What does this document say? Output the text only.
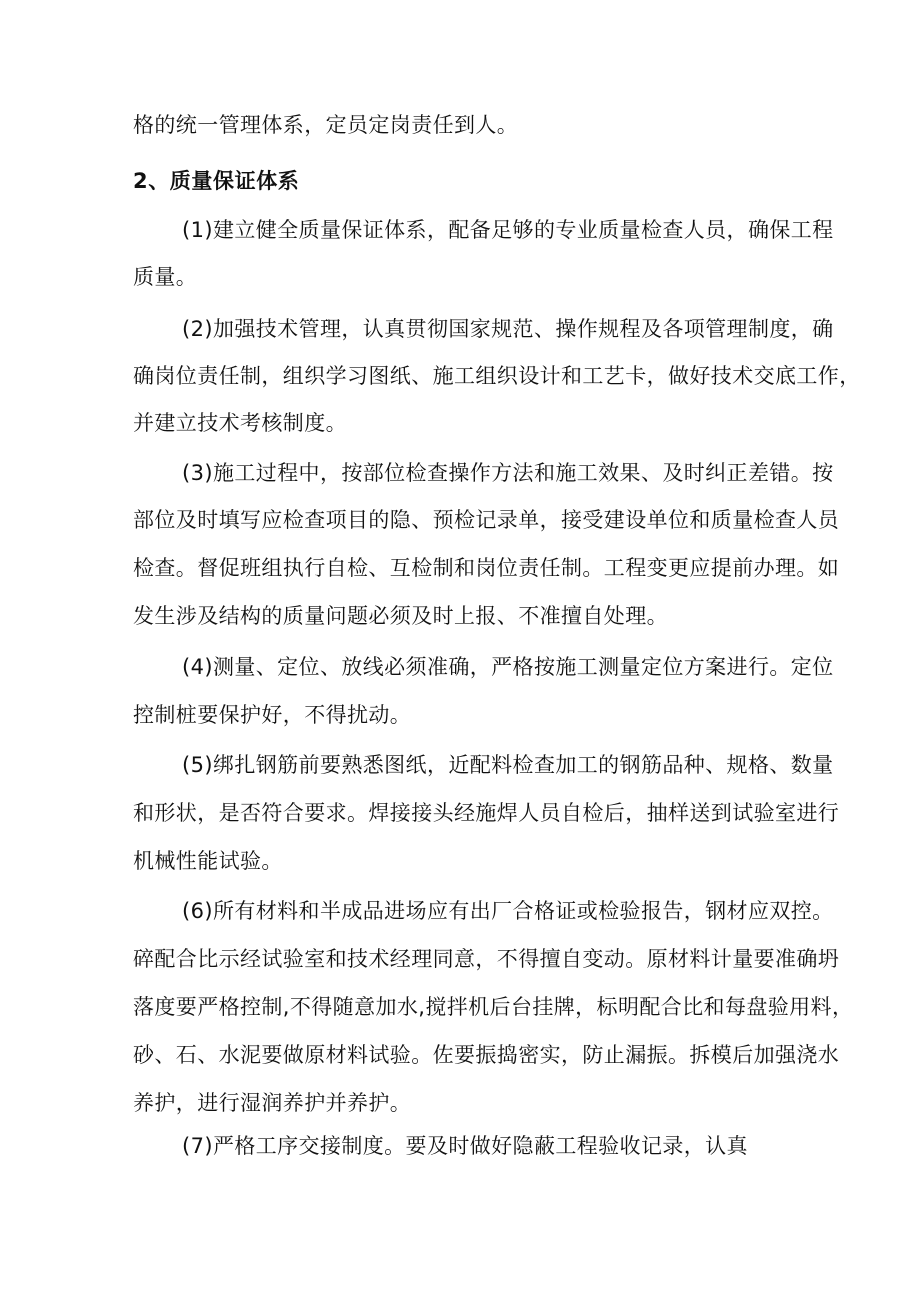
格的统一管理体系，定员定岗责任到人。
2、质量保证体系
(1)建立健全质量保证体系，配备足够的专业质量检查人员，确保工程
质量。
(2)加强技术管理，认真贯彻国家规范、操作规程及各项管理制度，确
确岗位责任制，组织学习图纸、施工组织设计和工艺卡，做好技术交底工作，
并建立技术考核制度。
(3)施工过程中，按部位检查操作方法和施工效果、及时纠正差错。按
部位及时填写应检查项目的隐、预检记录单，接受建设单位和质量检查人员
检查。督促班组执行自检、互检制和岗位责任制。工程变更应提前办理。如
发生涉及结构的质量问题必须及时上报、不准擅自处理。
(4)测量、定位、放线必须准确，严格按施工测量定位方案进行。定位
控制桩要保护好，不得扰动。
(5)绑扎钢筋前要熟悉图纸，近配料检查加工的钢筋品种、规格、数量
和形状，是否符合要求。焊接接头经施焊人员自检后，抽样送到试验室进行
机械性能试验。
(6)所有材料和半成品进场应有出厂合格证或检验报告，钢材应双控。
碎配合比示经试验室和技术经理同意，不得擅自变动。原材料计量要准确坍
落度要严格控制,不得随意加水,搅拌机后台挂牌，标明配合比和每盘验用料，
砂、石、水泥要做原材料试验。佐要振捣密实，防止漏振。拆模后加强浇水
养护，进行湿润养护并养护。
(7)严格工序交接制度。要及时做好隐蔽工程验收记录，认真
